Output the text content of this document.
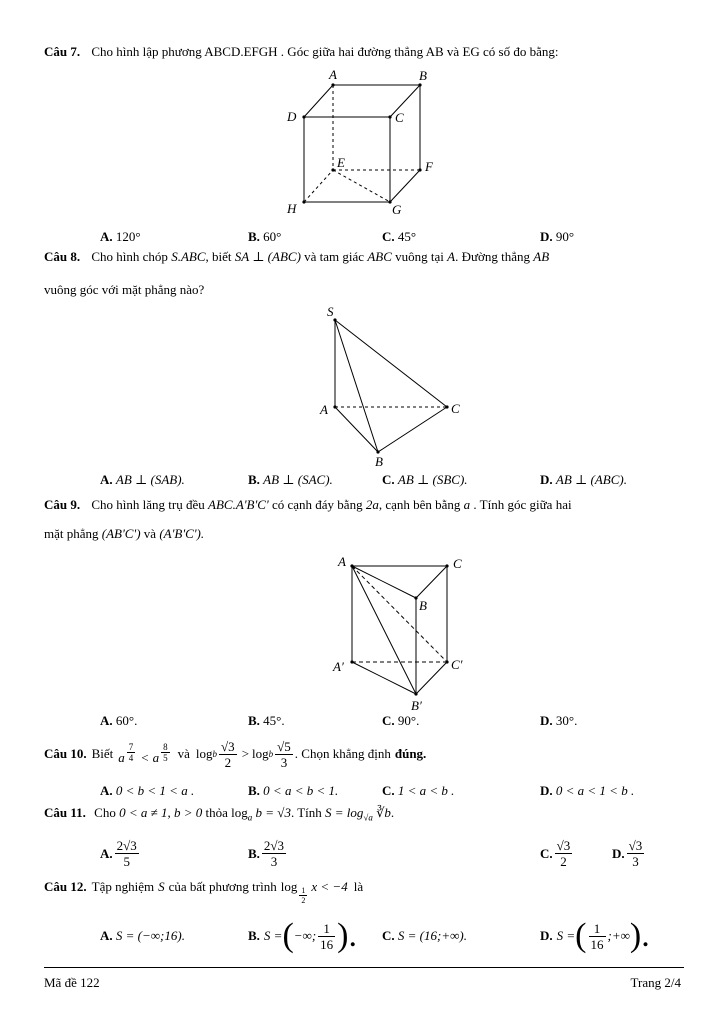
Câu 7. Cho hình lập phương ABCD.EFGH . Góc giữa hai đường thẳng AB và EG có số đo bằng:
A	B
C
D
E	F
G
H
A. 120°	B. 60°	C. 45°	D. 90°
Câu 8. Cho hình chóp S.ABC, biết SA ⊥ (ABC) và tam giác ABC vuông tại A. Đường thẳng AB
vuông góc với mặt phẳng nào?
S
A
B
C
A. AB ⊥ (SAB).	B. AB ⊥ (SAC).	C. AB ⊥ (SBC).	D. AB ⊥ (ABC).
Câu 9. Cho hình lăng trụ đều ABC.A'B'C' có cạnh đáy bằng 2a, cạnh bên bằng a . Tính góc giữa hai
mặt phẳng (AB'C') và (A'B'C').
A	C
B
A′	C′
B′
A. 60°.	B. 45°.	C. 90°.	D. 30°.
Câu 10. Biết a $\frac{7}{4} < a \frac{8}{5}$ và log b $\frac{√3}{2} > \log b \frac{√5}{3}$ . Chọn khẳng định đúng.
A. 0 < b < 1 < a .	B. 0 < a < b < 1.	C. 1 < a < b .	D. 0 < a < 1 < b .
Câu 11. Cho 0 < a ≠ 1, b > 0 thỏa $\log_a b = √3$. Tính $S = \log_{√a}$ ∛b.
A. $\frac{2√3}{5}$	B. $\frac{2√3}{3}$	C. $\frac{√3}{2}$	D. $\frac{√3}{3}$
Câu 12. Tập nghiệm S của bất phương trình $\log \frac{1}{2}$ x < −4 là
A. S = (−∞;16).	B. S = ( −∞; $\frac{1}{16}$ ). C. S = (16;+∞).	D. S = ( $\frac{1}{16}$ ;+∞ ).
Mã đề 122	Trang 2/4
